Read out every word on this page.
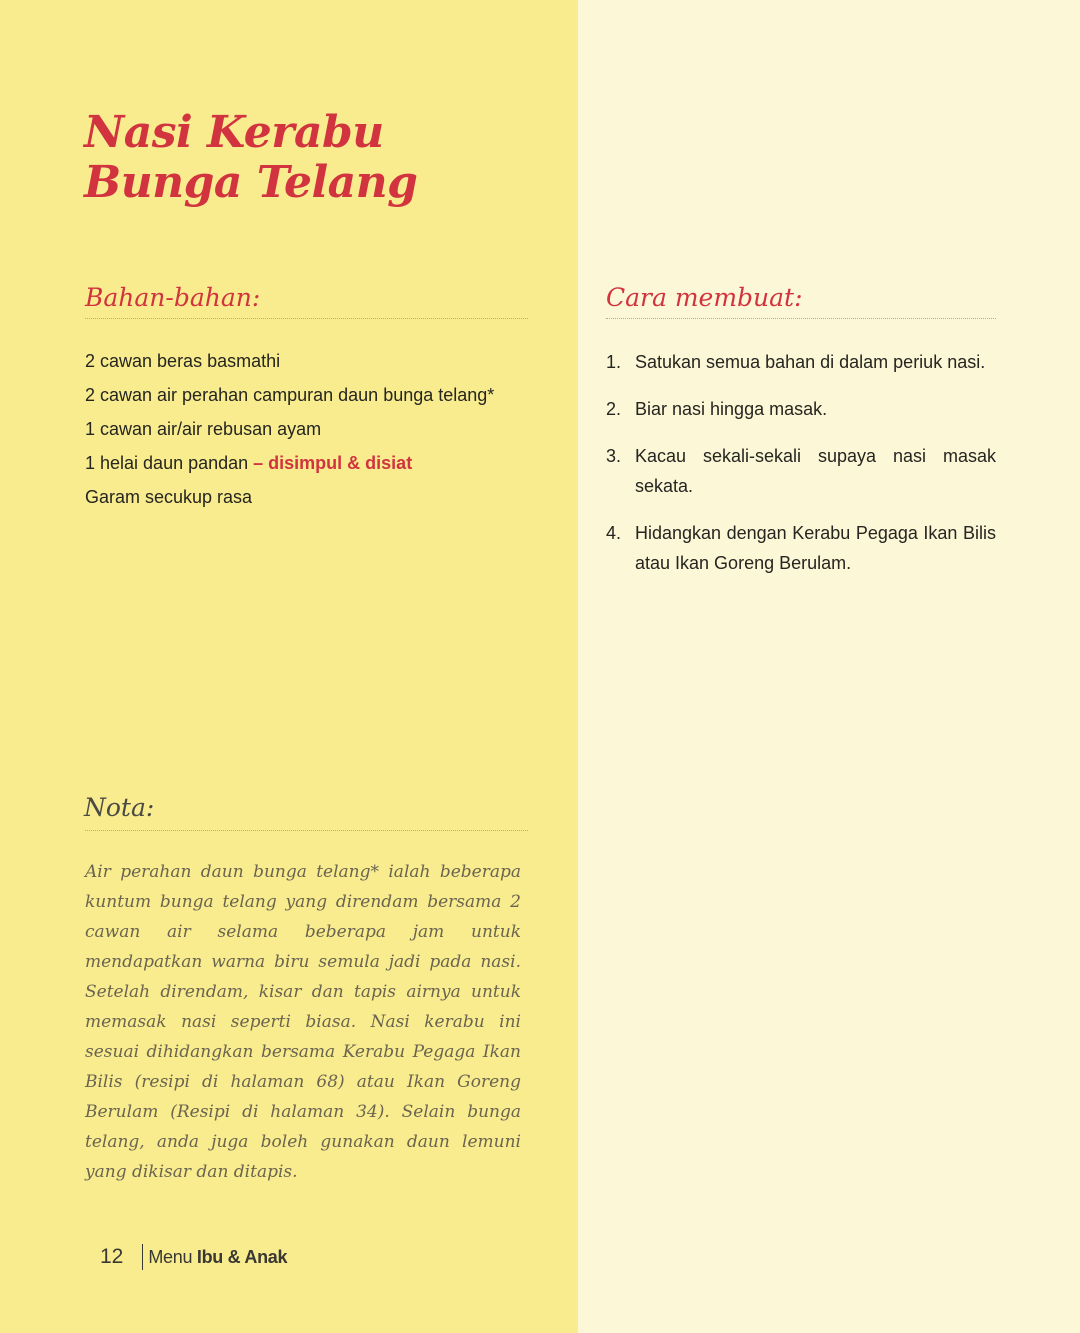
Nasi Kerabu
Bunga Telang
Bahan-bahan:
2 cawan beras basmathi
2 cawan air perahan campuran daun bunga telang*
1 cawan air/air rebusan ayam
1 helai daun pandan – disimpul & disiat
Garam secukup rasa
Cara membuat:
1. Satukan semua bahan di dalam periuk nasi.
2. Biar nasi hingga masak.
3. Kacau sekali-sekali supaya nasi masak sekata.
4. Hidangkan dengan Kerabu Pegaga Ikan Bilis atau Ikan Goreng Berulam.
Nota:

Air perahan daun bunga telang* ialah beberapa kuntum bunga telang yang direndam bersama 2 cawan air selama beberapa jam untuk mendapatkan warna biru semula jadi pada nasi. Setelah direndam, kisar dan tapis airnya untuk memasak nasi seperti biasa. Nasi kerabu ini sesuai dihidangkan bersama Kerabu Pegaga Ikan Bilis (resipi di halaman 68) atau Ikan Goreng Berulam (Resipi di halaman 34). Selain bunga telang, anda juga boleh gunakan daun lemuni yang dikisar dan ditapis.

12 Menu Ibu & Anak
